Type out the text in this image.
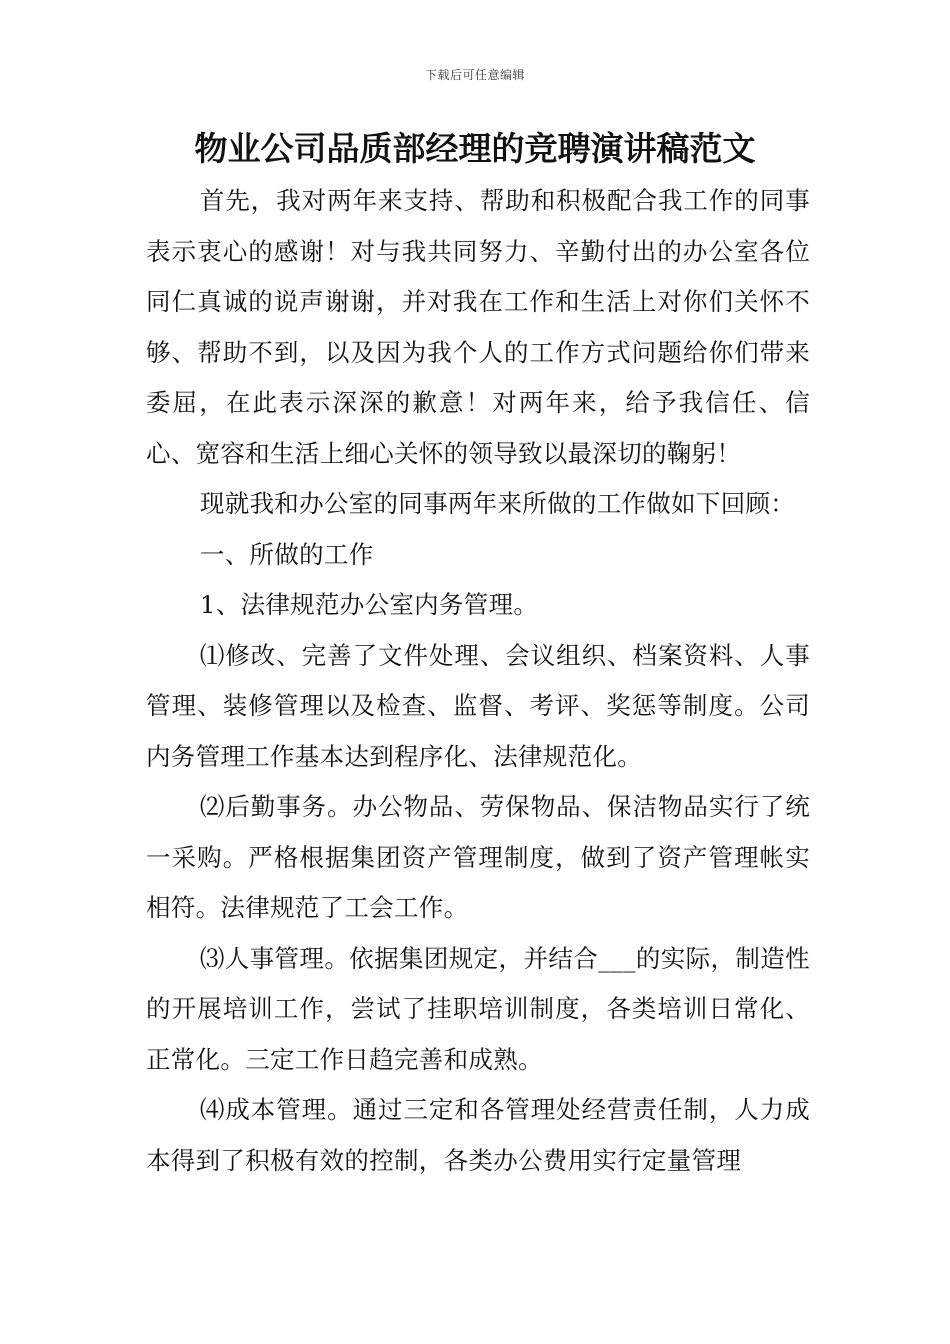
下载后可任意编辑
物业公司品质部经理的竞聘演讲稿范文

首先，我对两年来支持、帮助和积极配合我工作的同事表示衷心的感谢！对与我共同努力、辛勤付出的办公室各位同仁真诚的说声谢谢，并对我在工作和生活上对你们关怀不够、帮助不到，以及因为我个人的工作方式问题给你们带来委屈，在此表示深深的歉意！对两年来，给予我信任、信心、宽容和生活上细心关怀的领导致以最深切的鞠躬！

现就我和办公室的同事两年来所做的工作做如下回顾：

一、所做的工作

1、法律规范办公室内务管理。

⑴修改、完善了文件处理、会议组织、档案资料、人事管理、装修管理以及检查、监督、考评、奖惩等制度。公司内务管理工作基本达到程序化、法律规范化。

⑵后勤事务。办公物品、劳保物品、保洁物品实行了统一采购。严格根据集团资产管理制度，做到了资产管理帐实相符。法律规范了工会工作。

⑶人事管理。依据集团规定，并结合___的实际，制造性的开展培训工作，尝试了挂职培训制度，各类培训日常化、正常化。三定工作日趋完善和成熟。

⑷成本管理。通过三定和各管理处经营责任制，人力成本得到了积极有效的控制，各类办公费用实行定量管理
